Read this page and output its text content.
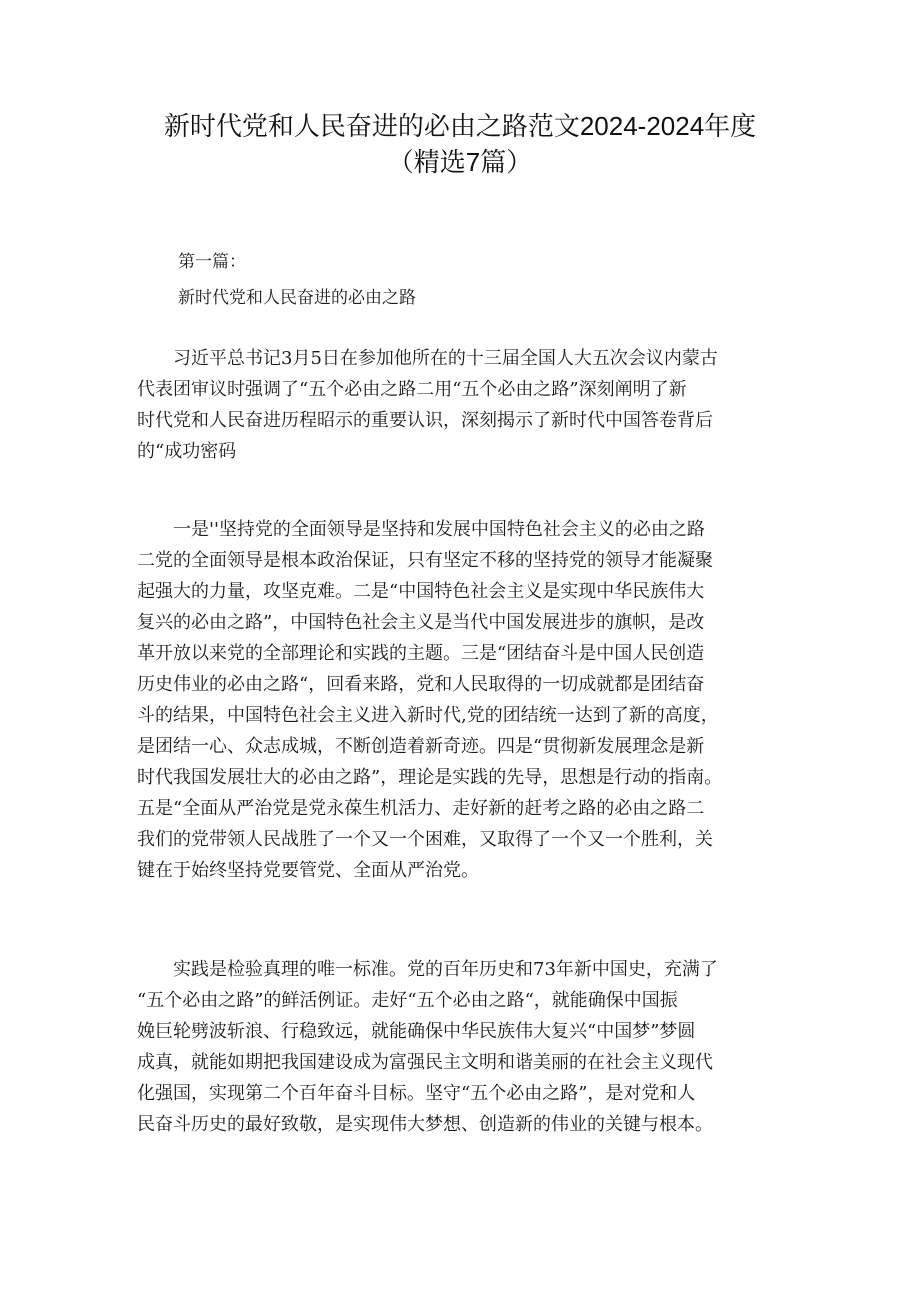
新时代党和人民奋进的必由之路范文2024-2024年度
（精选7篇）
第一篇：
新时代党和人民奋进的必由之路
习近平总书记3月5日在参加他所在的十三届全国人大五次会议内蒙古
代表团审议时强调了“五个必由之路二用“五个必由之路”深刻阐明了新
时代党和人民奋进历程昭示的重要认识，深刻揭示了新时代中国答卷背后
的“成功密码
一是''坚持党的全面领导是坚持和发展中国特色社会主义的必由之路
二党的全面领导是根本政治保证，只有坚定不移的坚持党的领导才能凝聚
起强大的力量，攻坚克难。二是“中国特色社会主义是实现中华民族伟大
复兴的必由之路”，中国特色社会主义是当代中国发展进步的旗帜，是改
革开放以来党的全部理论和实践的主题。三是“团结奋斗是中国人民创造
历史伟业的必由之路“，回看来路，党和人民取得的一切成就都是团结奋
斗的结果，中国特色社会主义进入新时代,党的团结统一达到了新的高度，
是团结一心、众志成城，不断创造着新奇迹。四是“贯彻新发展理念是新
时代我国发展壮大的必由之路”，理论是实践的先导，思想是行动的指南。
五是“全面从严治党是党永葆生机活力、走好新的赶考之路的必由之路二
我们的党带领人民战胜了一个又一个困难，又取得了一个又一个胜利，关
键在于始终坚持党要管党、全面从严治党。
实践是检验真理的唯一标准。党的百年历史和73年新中国史，充满了
“五个必由之路”的鲜活例证。走好“五个必由之路“，就能确保中国振
娩巨轮劈波斩浪、行稳致远，就能确保中华民族伟大复兴“中国梦”梦圆
成真，就能如期把我国建设成为富强民主文明和谐美丽的在社会主义现代
化强国，实现第二个百年奋斗目标。坚守“五个必由之路”，是对党和人
民奋斗历史的最好致敬，是实现伟大梦想、创造新的伟业的关键与根本。
